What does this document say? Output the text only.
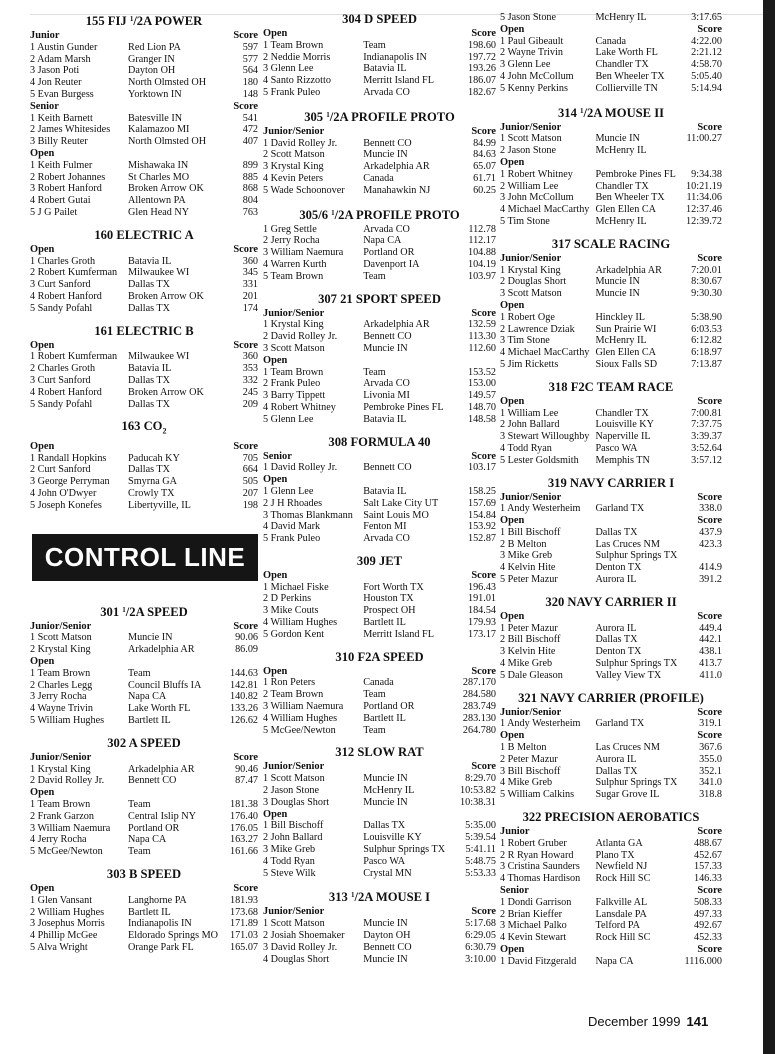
155 FIJ $^1$/2A POWER
Junior	Score
1 Austin Gunder	Red Lion PA	597
2 Adam Marsh	Granger IN	577
3 Jason Poti	Dayton OH	564
4 Jon Reuter	North Olmsted OH	180
5 Evan Burgess	Yorktown IN	148
Senior	Score
1 Keith Barnett	Batesville IN	541
2 James Whitesides	Kalamazoo MI	472
3 Billy Reuter	North Olmsted OH	407
Open
1 Keith Fulmer	Mishawaka IN	899
2 Robert Johannes	St Charles MO	885
3 Robert Hanford	Broken Arrow OK	868
4 Robert Gutai	Allentown PA	804
5 J G Pailet	Glen Head NY	763
160 ELECTRIC A
Open	Score
1 Charles Groth	Batavia IL	360
2 Robert Kumferman	Milwaukee WI	345
3 Curt Sanford	Dallas TX	331
4 Robert Hanford	Broken Arrow OK	201
5 Sandy Pofahl	Dallas TX	174
161 ELECTRIC B
Open	Score
1 Robert Kumferman	Milwaukee WI	360
2 Charles Groth	Batavia IL	353
3 Curt Sanford	Dallas TX	332
4 Robert Hanford	Broken Arrow OK	245
5 Sandy Pofahl	Dallas TX	209
163 $CO_2$
Open	Score
1 Randall Hopkins	Paducah KY	705
2 Curt Sanford	Dallas TX	664
3 George Perryman	Smyrna GA	505
4 John O'Dwyer	Crowly TX	207
5 Joseph Konefes	Libertyville, IL	198
CONTROL LINE
301 $^1$/2A SPEED
Junior/Senior	Score
1 Scott Matson	Muncie IN	90.06
2 Krystal King	Arkadelphia AR	86.09
Open
1 Team Brown	Team	144.63
2 Charles Legg	Council Bluffs IA	142.81
3 Jerry Rocha	Napa CA	140.82
4 Wayne Trivin	Lake Worth FL	133.26
5 William Hughes	Bartlett IL	126.62
302 A SPEED
Junior/Senior	Score
1 Krystal King	Arkadelphia AR	90.46
2 David Rolley Jr.	Bennett CO	87.47
Open
1 Team Brown	Team	181.38
2 Frank Garzon	Central Islip NY	176.40
3 William Naemura	Portland OR	176.05
4 Jerry Rocha	Napa CA	163.27
5 McGee/Newton	Team	161.66
303 B SPEED
Open	Score
1 Glen Vansant	Langhorne PA	181.93
2 William Hughes	Bartlett IL	173.68
3 Josephus Morris	Indianapolis IN	171.89
4 Phillip McGee	Eldorado Springs MO	171.03
5 Alva Wright	Orange Park FL	165.07
304 D SPEED
Open	Score
1 Team Brown	Team	198.60
2 Neddie Morris	Indianapolis IN	197.72
3 Glenn Lee	Batavia IL	193.26
4 Santo Rizzotto	Merritt Island FL	186.07
5 Frank Puleo	Arvada CO	182.67
305 $^1$/2A PROFILE PROTO
Junior/Senior	Score
1 David Rolley Jr.	Bennett CO	84.99
2 Scott Matson	Muncie IN	84.63
3 Krystal King	Arkadelphia AR	65.07
4 Kevin Peters	Canada	61.71
5 Wade Schoonover	Manahawkin NJ	60.25
305/6 $^1$/2A PROFILE PROTO
1 Greg Settle	Arvada CO	112.78
2 Jerry Rocha	Napa CA	112.17
3 William Naemura	Portland OR	104.88
4 Warren Kurth	Davenport IA	104.19
5 Team Brown	Team	103.97
307 21 SPORT SPEED
Junior/Senior	Score
1 Krystal King	Arkadelphia AR	132.59
2 David Rolley Jr.	Bennett CO	113.30
3 Scott Matson	Muncie IN	112.60
Open
1 Team Brown	Team	153.52
2 Frank Puleo	Arvada CO	153.00
3 Barry Tippett	Livonia MI	149.57
4 Robert Whitney	Pembroke Pines FL	148.70
5 Glenn Lee	Batavia IL	148.58
308 FORMULA 40
Senior	Score
1 David Rolley Jr.	Bennett CO	103.17
Open
1 Glenn Lee	Batavia IL	158.25
2 J H Rhoades	Salt Lake City UT	157.69
3 Thomas Blankmann	Saint Louis MO	154.84
4 David Mark	Fenton MI	153.92
5 Frank Puleo	Arvada CO	152.87
309 JET
Open	Score
1 Michael Fiske	Fort Worth TX	196.43
2 D Perkins	Houston TX	191.01
3 Mike Couts	Prospect OH	184.54
4 William Hughes	Bartlett IL	179.93
5 Gordon Kent	Merritt Island FL	173.17
310 F2A SPEED
Open	Score
1 Ron Peters	Canada	287.170
2 Team Brown	Team	284.580
3 William Naemura	Portland OR	283.749
4 William Hughes	Bartlett IL	283.130
5 McGee/Newton	Team	264.780
312 SLOW RAT
Junior/Senior	Score
1 Scott Matson	Muncie IN	8:29.70
2 Jason Stone	McHenry IL	10:53.82
3 Douglas Short	Muncie IN	10:38.31
Open
1 Bill Bischoff	Dallas TX	5:35.00
2 John Ballard	Louisville KY	5:39.54
3 Mike Greb	Sulphur Springs TX	5:41.11
4 Todd Ryan	Pasco WA	5:48.75
5 Steve Wilk	Crystal MN	5:53.33
313 $^1$/2A MOUSE I
Junior/Senior	Score
1 Scott Matson	Muncie IN	5:17.68
2 Josiah Shoemaker	Dayton OH	6:29.05
3 David Rolley Jr.	Bennett CO	6:30.79
4 Douglas Short	Muncie IN	3:10.00
5 Jason Stone	McHenry IL	3:17.65
Open	Score
1 Paul Gibeault	Canada	4:22.00
2 Wayne Trivin	Lake Worth FL	2:21.12
3 Glenn Lee	Chandler TX	4:58.70
4 John McCollum	Ben Wheeler TX	5:05.40
5 Kenny Perkins	Collierville TN	5:14.94
314 $^1$/2A MOUSE II
Junior/Senior	Score
1 Scott Matson	Muncie IN	11:00.27
2 Jason Stone	McHenry IL
Open
1 Robert Whitney	Pembroke Pines FL	9:34.38
2 William Lee	Chandler TX	10:21.19
3 John McCollum	Ben Wheeler TX	11:34.06
4 Michael MacCarthy Glen Ellen CA	12:37.46
5 Tim Stone	McHenry IL	12:39.72
317 SCALE RACING
Junior/Senior	Score
1 Krystal King	Arkadelphia AR	7:20.01
2 Douglas Short	Muncie IN	8:30.67
3 Scott Matson	Muncie IN	9:30.30
Open
1 Robert Oge	Hinckley IL	5:38.90
2 Lawrence Dziak	Sun Prairie WI	6:03.53
3 Tim Stone	McHenry IL	6:12.82
4 Michael MacCarthy Glen Ellen CA	6:18.97
5 Jim Ricketts	Sioux Falls SD	7:13.87
318 F2C TEAM RACE
Open	Score
1 William Lee	Chandler TX	7:00.81
2 John Ballard	Louisville KY	7:37.75
3 Stewart Willoughby Naperville IL	3:39.37
4 Todd Ryan	Pasco WA	3:52.64
5 Lester Goldsmith	Memphis TN	3:57.12
319 NAVY CARRIER I
Junior/Senior	Score
1 Andy Westerheim	Garland TX	338.0
Open	Score
1 Bill Bischoff	Dallas TX	437.9
2 B Melton	Las Cruces NM	423.3
3 Mike Greb	Sulphur Springs TX
4 Kelvin Hite	Denton TX	414.9
5 Peter Mazur	Aurora IL	391.2
320 NAVY CARRIER II
Open	Score
1 Peter Mazur	Aurora IL	449.4
2 Bill Bischoff	Dallas TX	442.1
3 Kelvin Hite	Denton TX	438.1
4 Mike Greb	Sulphur Springs TX	413.7
5 Dale Gleason	Valley View TX	411.0
321 NAVY CARRIER (PROFILE)
Junior/Senior	Score
1 Andy Westerheim	Garland TX	319.1
Open	Score
1 B Melton	Las Cruces NM	367.6
2 Peter Mazur	Aurora IL	355.0
3 Bill Bischoff	Dallas TX	352.1
4 Mike Greb	Sulphur Springs TX	341.0
5 William Calkins	Sugar Grove IL	318.8
322 PRECISION AEROBATICS
Junior	Score
1 Robert Gruber	Atlanta GA	488.67
2 R Ryan Howard	Plano TX	452.67
3 Cristina Saunders	Newfield NJ	157.33
4 Thomas Hardison	Rock Hill SC	146.33
Senior	Score
1 Dondi Garrison	Falkville AL	508.33
2 Brian Kieffer	Lansdale PA	497.33
3 Michael Palko	Telford PA	492.67
4 Kevin Stewart	Rock Hill SC	452.33
Open	Score
1 David Fitzgerald	Napa CA	1116.000
December 1999 141
